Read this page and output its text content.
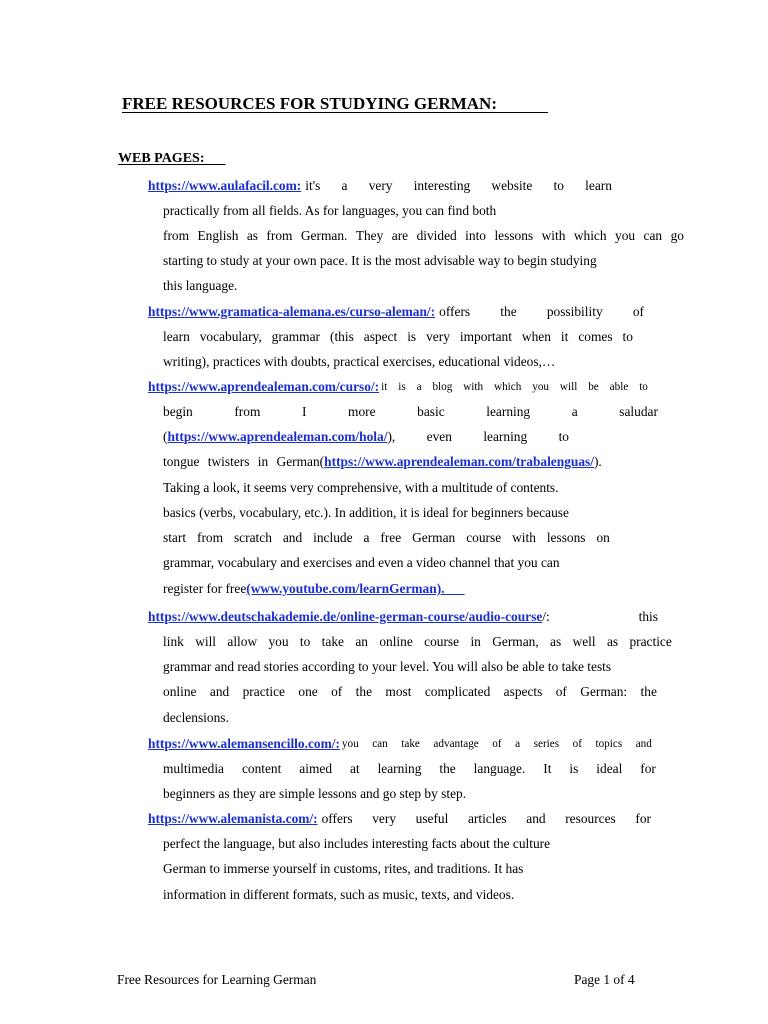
FREE RESOURCES FOR STUDYING GERMAN:
WEB PAGES:
https://www.aulafacil.com: it's a very interesting website to learn
practically from all fields. As for languages, you can find both
from English as from German. They are divided into lessons with which you can go
starting to study at your own pace. It is the most advisable way to begin studying
this language.
https://www.gramatica-alemana.es/curso-aleman/: offers the possibility of
learn vocabulary, grammar (this aspect is very important when it comes to
writing), practices with doubts, practical exercises, educational videos,…
https://www.aprendealeman.com/curso/: it is a blog with which you will be able to
begin	from	I	more	basic	learning	a	saludar
(https://www.aprendealeman.com/hola/), even learning to
tongue twisters in German(https://www.aprendealeman.com/trabalenguas/).
Taking a look, it seems very comprehensive, with a multitude of contents.
basics (verbs, vocabulary, etc.). In addition, it is ideal for beginners because
start from scratch and include a free German course with lessons on
grammar, vocabulary and exercises and even a video channel that you can
register for free(www.youtube.com/learnGerman).
https://www.deutschakademie.de/online-german-course/audio-course/:	this
link will allow you to take an online course in German, as well as practice
grammar and read stories according to your level. You will also be able to take tests
online and practice one of the most complicated aspects of German: the
declensions.
https://www.alemansencillo.com/: you can take advantage of a series of topics and
multimedia content aimed at learning the language. It is ideal for
beginners as they are simple lessons and go step by step.
https://www.alemanista.com/: offers very useful articles and resources for
perfect the language, but also includes interesting facts about the culture
German to immerse yourself in customs, rites, and traditions. It has
information in different formats, such as music, texts, and videos.
Free Resources for Learning German	Page 1 of 4
